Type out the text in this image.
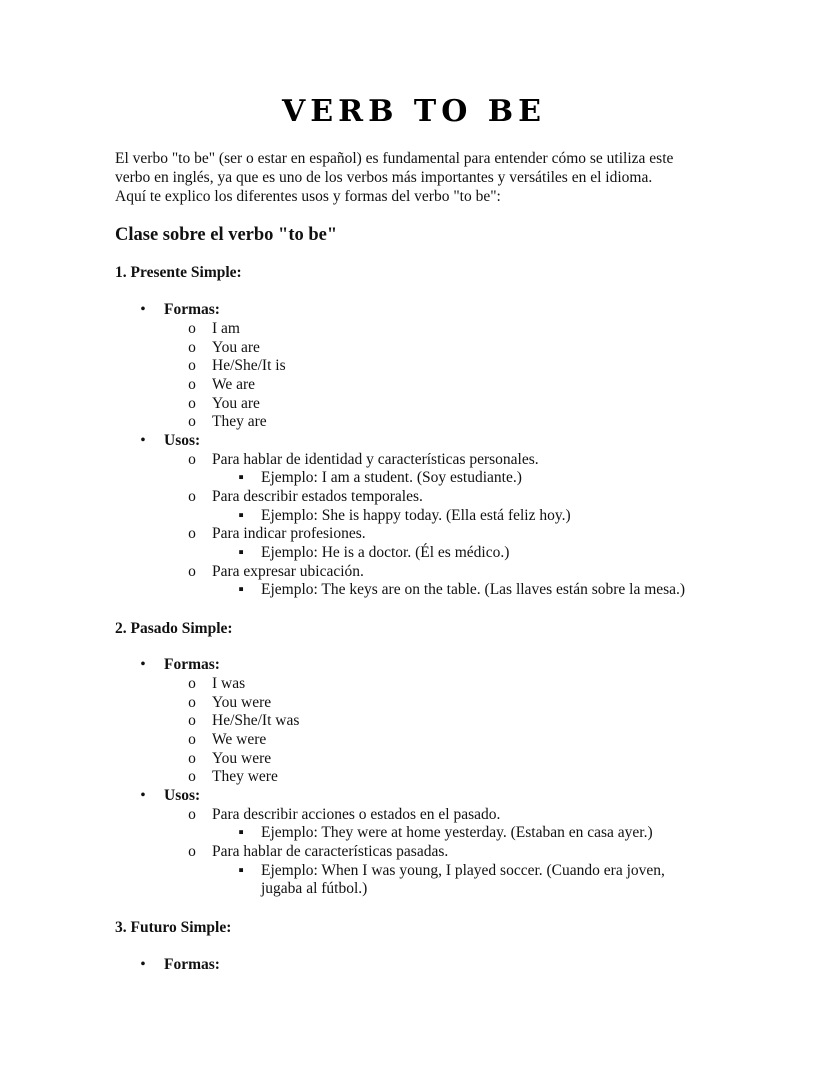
VERB TO BE
El verbo "to be" (ser o estar en español) es fundamental para entender cómo se utiliza este
verbo en inglés, ya que es uno de los verbos más importantes y versátiles en el idioma.
Aquí te explico los diferentes usos y formas del verbo "to be":
Clase sobre el verbo "to be"
1. Presente Simple:
• Formas:
o I am
o You are
o He/She/It is
o We are
o You are
o They are
• Usos:
o Para hablar de identidad y características personales.
▪ Ejemplo: I am a student. (Soy estudiante.)
o Para describir estados temporales.
▪ Ejemplo: She is happy today. (Ella está feliz hoy.)
o Para indicar profesiones.
▪ Ejemplo: He is a doctor. (Él es médico.)
o Para expresar ubicación.
▪ Ejemplo: The keys are on the table. (Las llaves están sobre la mesa.)
2. Pasado Simple:
• Formas:
o I was
o You were
o He/She/It was
o We were
o You were
o They were
• Usos:
o Para describir acciones o estados en el pasado.
▪ Ejemplo: They were at home yesterday. (Estaban en casa ayer.)
o Para hablar de características pasadas.
▪ Ejemplo: When I was young, I played soccer. (Cuando era joven,
jugaba al fútbol.)
3. Futuro Simple:
• Formas:
